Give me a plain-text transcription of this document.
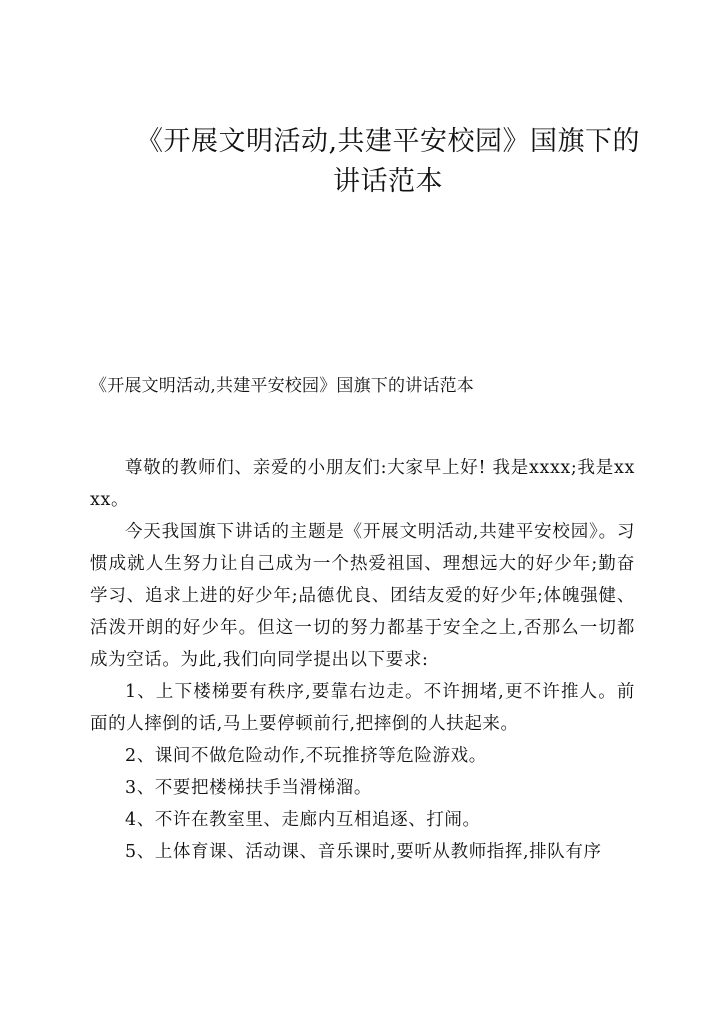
《开展文明活动,共建平安校园》国旗下的
讲话范本
《开展文明活动,共建平安校园》国旗下的讲话范本

尊敬的教师们、亲爱的小朋友们:大家早上好! 我是xxxx;我是xxxx。

今天我国旗下讲话的主题是《开展文明活动,共建平安校园》。习惯成就人生努力让自己成为一个热爱祖国、理想远大的好少年;勤奋学习、追求上进的好少年;品德优良、团结友爱的好少年;体魄强健、活泼开朗的好少年。但这一切的努力都基于安全之上,否那么一切都成为空话。为此,我们向同学提出以下要求:

1、上下楼梯要有秩序,要靠右边走。不许拥堵,更不许推人。前面的人摔倒的话,马上要停顿前行,把摔倒的人扶起来。

2、课间不做危险动作,不玩推挤等危险游戏。

3、不要把楼梯扶手当滑梯溜。

4、不许在教室里、走廊内互相追逐、打闹。

5、上体育课、活动课、音乐课时,要听从教师指挥,排队有序
